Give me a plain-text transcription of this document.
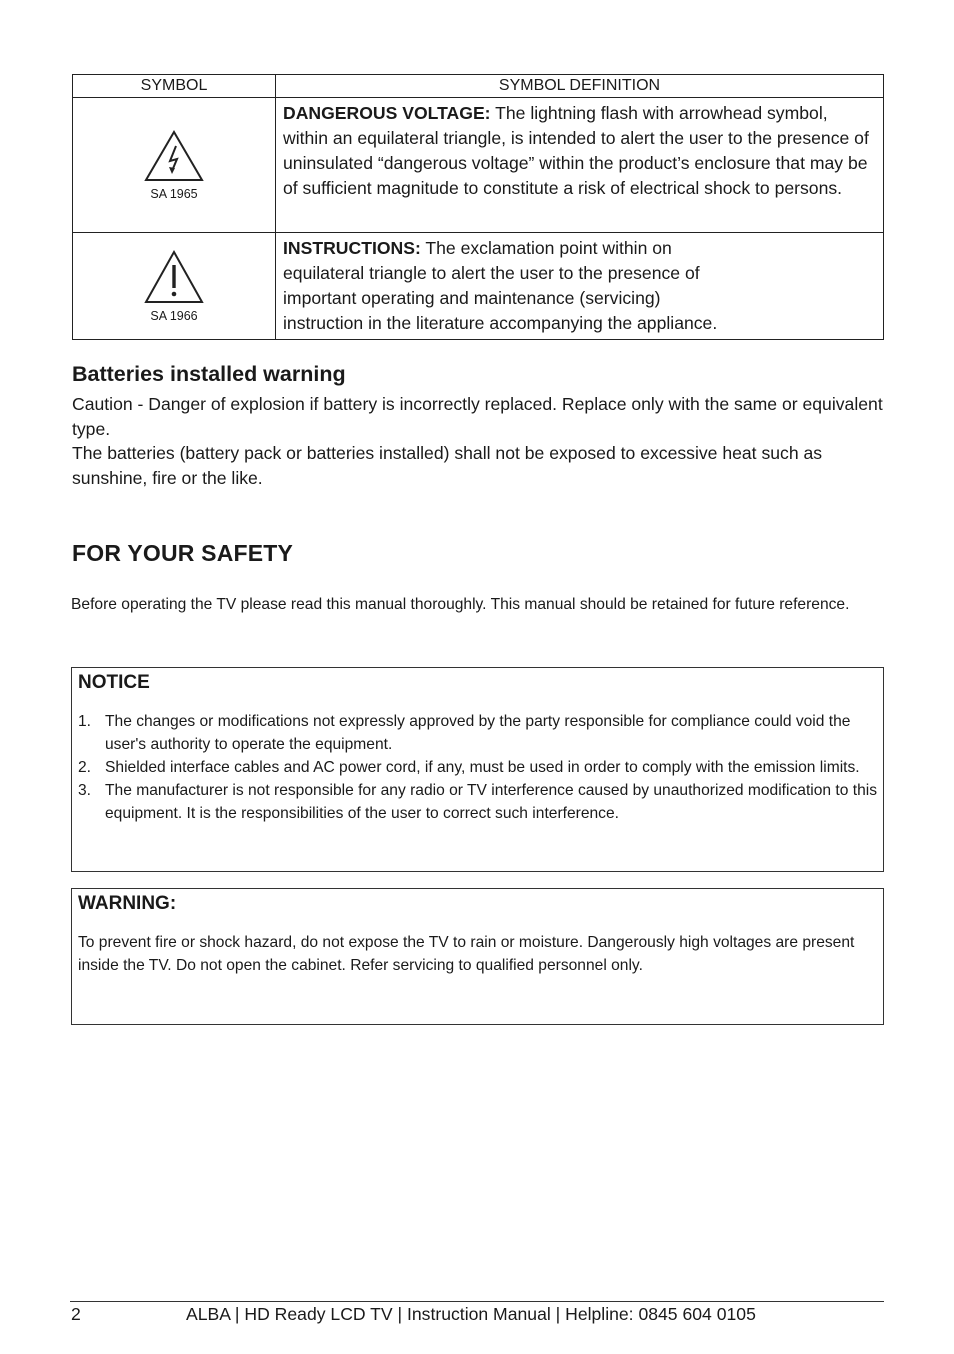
SYMBOL	SYMBOL DEFINITION

SA 1965	DANGEROUS VOLTAGE: The lightning flash with arrowhead symbol, within an equilateral triangle, is intended to alert the user to the presence of uninsulated “dangerous voltage” within the product’s enclosure that may be of sufficient magnitude to constitute a risk of electrical shock to persons.

SA 1966	INSTRUCTIONS: The exclamation point within on
equilateral triangle to alert the user to the presence of
important operating and maintenance (servicing)
instruction in the literature accompanying the appliance.
Batteries installed warning
Caution - Danger of explosion if battery is incorrectly replaced. Replace only with the same or equivalent type.
The batteries (battery pack or batteries installed) shall not be exposed to excessive heat such as sunshine, fire or the like.
FOR YOUR SAFETY
Before operating the TV please read this manual thoroughly. This manual should be retained for future reference.
NOTICE
1. The changes or modifications not expressly approved by the party responsible for compliance could void the user's authority to operate the equipment.
2. Shielded interface cables and AC power cord, if any, must be used in order to comply with the emission limits.
3. The manufacturer is not responsible for any radio or TV interference caused by unauthorized modification to this equipment. It is the responsibilities of the user to correct such interference.
WARNING:
To prevent fire or shock hazard, do not expose the TV to rain or moisture. Dangerously high voltages are present inside the TV. Do not open the cabinet. Refer servicing to qualified personnel only.
2	ALBA | HD Ready LCD TV | Instruction Manual | Helpline: 0845 604 0105
